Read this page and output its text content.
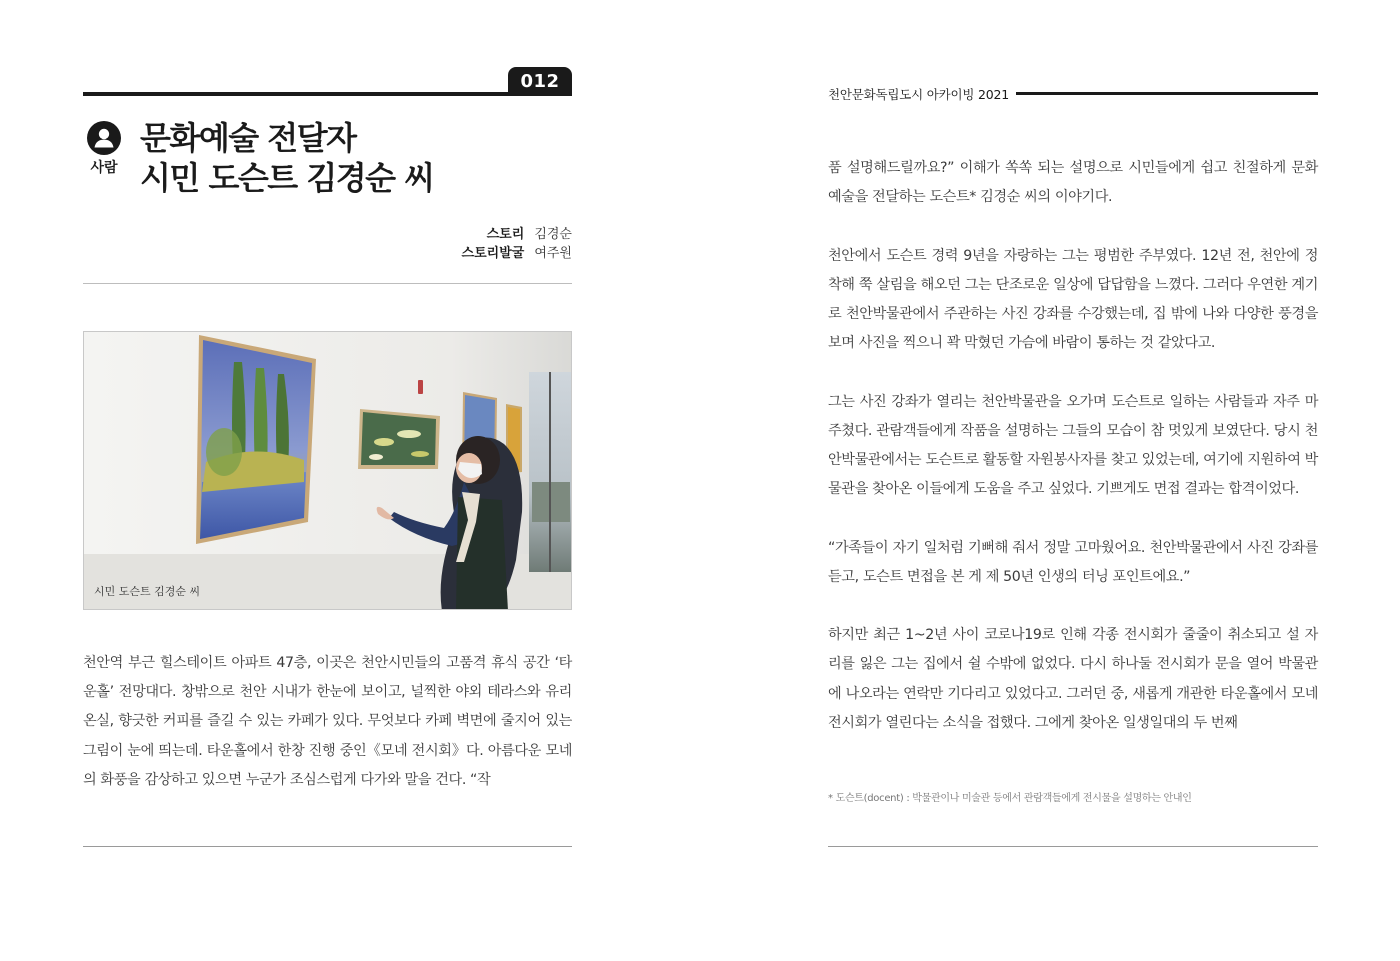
012
사람
문화예술 전달자
시민 도슨트 김경순 씨
스토리 김경순
스토리발굴 여주원
시민 도슨트 김경순 씨
천안역 부근 힐스테이트 아파트 47층, 이곳은 천안시민들의 고품격 휴식 공간 ‘타운홀’ 전망대다. 창밖으로 천안 시내가 한눈에 보이고, 널찍한 야외 테라스와 유리 온실, 향긋한 커피를 즐길 수 있는 카페가 있다. 무엇보다 카페 벽면에 줄지어 있는 그림이 눈에 띄는데. 타운홀에서 한창 진행 중인《모네 전시회》다. 아름다운 모네의 화풍을 감상하고 있으면 누군가 조심스럽게 다가와 말을 건다. “작
천안문화독립도시 아카이빙 2021

품 설명해드릴까요?” 이해가 쏙쏙 되는 설명으로 시민들에게 쉽고 친절하게 문화예술을 전달하는 도슨트* 김경순 씨의 이야기다.

천안에서 도슨트 경력 9년을 자랑하는 그는 평범한 주부였다. 12년 전, 천안에 정착해 쭉 살림을 해오던 그는 단조로운 일상에 답답함을 느꼈다. 그러다 우연한 계기로 천안박물관에서 주관하는 사진 강좌를 수강했는데, 집 밖에 나와 다양한 풍경을 보며 사진을 찍으니 꽉 막혔던 가슴에 바람이 통하는 것 같았다고.

그는 사진 강좌가 열리는 천안박물관을 오가며 도슨트로 일하는 사람들과 자주 마주쳤다. 관람객들에게 작품을 설명하는 그들의 모습이 참 멋있게 보였단다. 당시 천안박물관에서는 도슨트로 활동할 자원봉사자를 찾고 있었는데, 여기에 지원하여 박물관을 찾아온 이들에게 도움을 주고 싶었다. 기쁘게도 면접 결과는 합격이었다.

“가족들이 자기 일처럼 기뻐해 줘서 정말 고마웠어요. 천안박물관에서 사진 강좌를 듣고, 도슨트 면접을 본 게 제 50년 인생의 터닝 포인트에요.”

하지만 최근 1~2년 사이 코로나19로 인해 각종 전시회가 줄줄이 취소되고 설 자리를 잃은 그는 집에서 쉴 수밖에 없었다. 다시 하나둘 전시회가 문을 열어 박물관에 나오라는 연락만 기다리고 있었다고. 그러던 중, 새롭게 개관한 타운홀에서 모네 전시회가 열린다는 소식을 접했다. 그에게 찾아온 일생일대의 두 번째

* 도슨트(docent) : 박물관이나 미술관 등에서 관람객들에게 전시물을 설명하는 안내인
